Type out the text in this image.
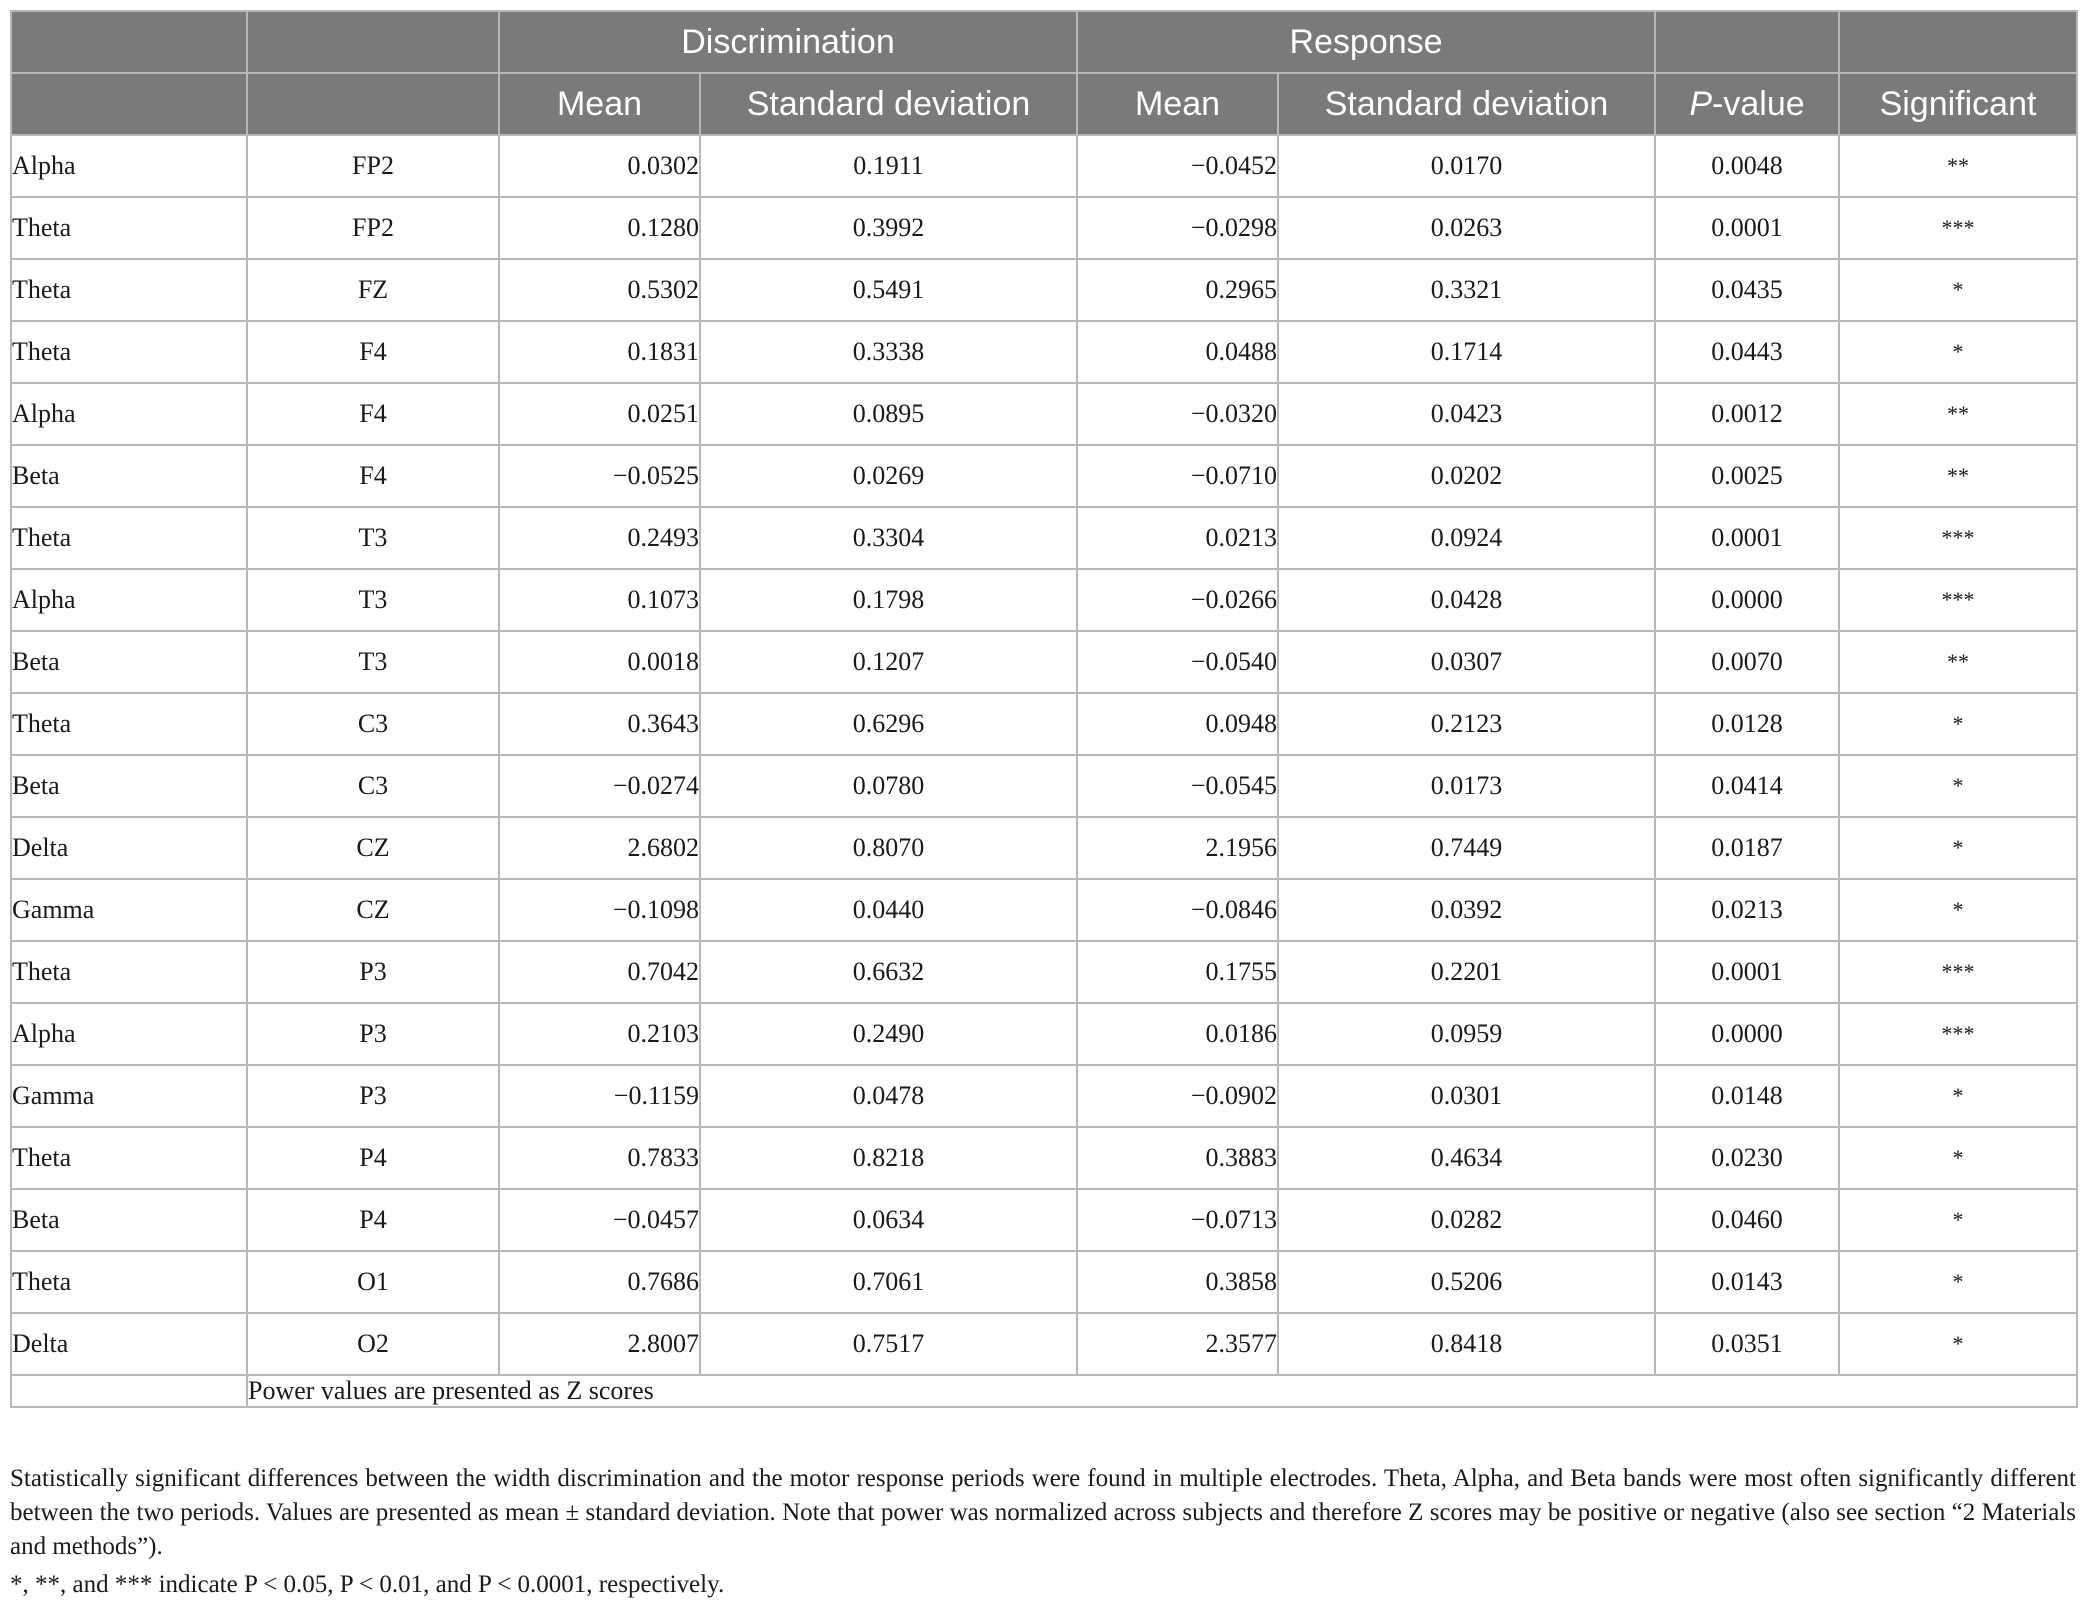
		Discrimination		Response			
		Mean	Standard deviation	Mean	Standard deviation	P-value	Significant
Alpha	FP2	0.0302	0.1911	−0.0452	0.0170	0.0048	**
Theta	FP2	0.1280	0.3992	−0.0298	0.0263	0.0001	***
Theta	FZ	0.5302	0.5491	0.2965	0.3321	0.0435	*
Theta	F4	0.1831	0.3338	0.0488	0.1714	0.0443	*
Alpha	F4	0.0251	0.0895	−0.0320	0.0423	0.0012	**
Beta	F4	−0.0525	0.0269	−0.0710	0.0202	0.0025	**
Theta	T3	0.2493	0.3304	0.0213	0.0924	0.0001	***
Alpha	T3	0.1073	0.1798	−0.0266	0.0428	0.0000	***
Beta	T3	0.0018	0.1207	−0.0540	0.0307	0.0070	**
Theta	C3	0.3643	0.6296	0.0948	0.2123	0.0128	*
Beta	C3	−0.0274	0.0780	−0.0545	0.0173	0.0414	*
Delta	CZ	2.6802	0.8070	2.1956	0.7449	0.0187	*
Gamma	CZ	−0.1098	0.0440	−0.0846	0.0392	0.0213	*
Theta	P3	0.7042	0.6632	0.1755	0.2201	0.0001	***
Alpha	P3	0.2103	0.2490	0.0186	0.0959	0.0000	***
Gamma	P3	−0.1159	0.0478	−0.0902	0.0301	0.0148	*
Theta	P4	0.7833	0.8218	0.3883	0.4634	0.0230	*
Beta	P4	−0.0457	0.0634	−0.0713	0.0282	0.0460	*
Theta	O1	0.7686	0.7061	0.3858	0.5206	0.0143	*
Delta	O2	2.8007	0.7517	2.3577	0.8418	0.0351	*
	Power values are presented as Z scores						

Statistically significant differences between the width discrimination and the motor response periods were found in multiple electrodes. Theta, Alpha, and Beta bands were most often significantly different between the two periods. Values are presented as mean ± standard deviation. Note that power was normalized across subjects and therefore Z scores may be positive or negative (also see section “2 Materials and methods”).

*, **, and *** indicate P < 0.05, P < 0.01, and P < 0.0001, respectively.
